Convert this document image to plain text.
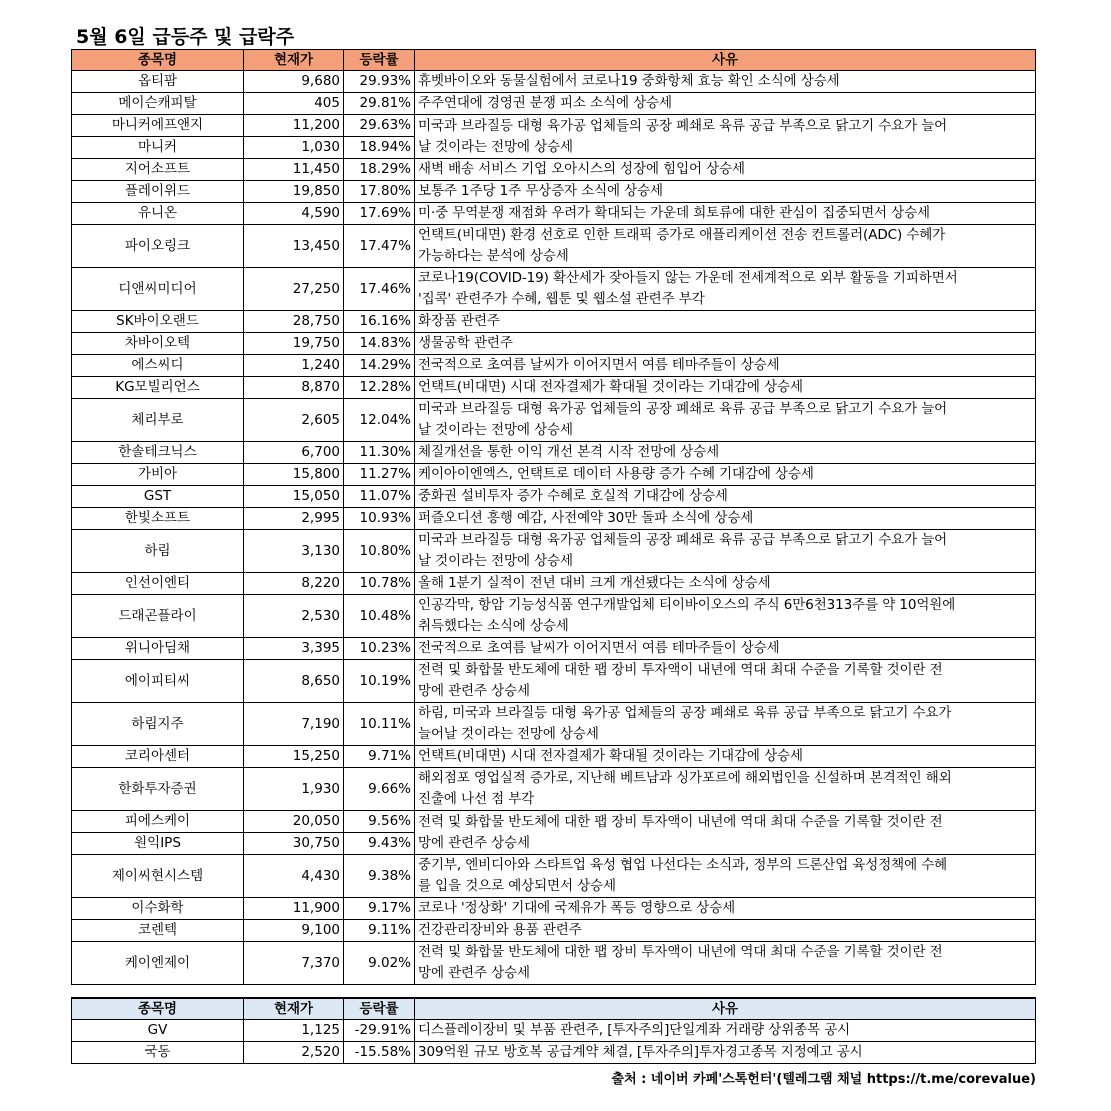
5월 6일 급등주 및 급락주
종목명	현재가	등락률	사유
옵티팜	9,680	29.93%	휴벳바이오와 동물실험에서 코로나19 중화항체 효능 확인 소식에 상승세
메이슨캐피탈	405	29.81%	주주연대에 경영권 분쟁 피소 소식에 상승세
마니커에프앤지	11,200	29.63%	미국과 브라질등 대형 육가공 업체들의 공장 폐쇄로 육류 공급 부족으로 닭고기 수요가 늘어
날 것이라는 전망에 상승세
마니커	1,030	18.94%	
지어소프트	11,450	18.29%	새벽 배송 서비스 기업 오아시스의 성장에 힘입어 상승세
플레이위드	19,850	17.80%	보통주 1주당 1주 무상증자 소식에 상승세
유니온	4,590	17.69%	미·중 무역분쟁 재점화 우려가 확대되는 가운데 희토류에 대한 관심이 집중되면서 상승세
파이오링크	13,450	17.47%	언택트(비대면) 환경 선호로 인한 트래픽 증가로 애플리케이션 전송 컨트롤러(ADC) 수혜가
가능하다는 분석에 상승세
디앤씨미디어	27,250	17.46%	코로나19(COVID-19) 확산세가 잦아들지 않는 가운데 전세계적으로 외부 활동을 기피하면서
'집콕' 관련주가 수혜, 웹툰 및 웹소설 관련주 부각
SK바이오랜드	28,750	16.16%	화장품 관련주
차바이오텍	19,750	14.83%	생물공학 관련주
에스씨디	1,240	14.29%	전국적으로 초여름 날씨가 이어지면서 여름 테마주들이 상승세
KG모빌리언스	8,870	12.28%	언택트(비대면) 시대 전자결제가 확대될 것이라는 기대감에 상승세
체리부로	2,605	12.04%	미국과 브라질등 대형 육가공 업체들의 공장 폐쇄로 육류 공급 부족으로 닭고기 수요가 늘어
날 것이라는 전망에 상승세
한솔테크닉스	6,700	11.30%	체질개선을 통한 이익 개선 본격 시작 전망에 상승세
가비아	15,800	11.27%	케이아이엔엑스, 언택트로 데이터 사용량 증가 수혜 기대감에 상승세
GST	15,050	11.07%	중화권 설비투자 증가 수혜로 호실적 기대감에 상승세
한빛소프트	2,995	10.93%	퍼즐오디션 흥행 예감, 사전예약 30만 돌파 소식에 상승세
하림	3,130	10.80%	미국과 브라질등 대형 육가공 업체들의 공장 폐쇄로 육류 공급 부족으로 닭고기 수요가 늘어
날 것이라는 전망에 상승세
인선이엔티	8,220	10.78%	올해 1분기 실적이 전년 대비 크게 개선됐다는 소식에 상승세
드래곤플라이	2,530	10.48%	인공각막, 항암 기능성식품 연구개발업체 티이바이오스의 주식 6만6천313주를 약 10억원에
취득했다는 소식에 상승세
위니아딤채	3,395	10.23%	전국적으로 초여름 날씨가 이어지면서 여름 테마주들이 상승세
에이피티씨	8,650	10.19%	전력 및 화합물 반도체에 대한 팹 장비 투자액이 내년에 역대 최대 수준을 기록할 것이란 전
망에 관련주 상승세
하림지주	7,190	10.11%	하림, 미국과 브라질등 대형 육가공 업체들의 공장 폐쇄로 육류 공급 부족으로 닭고기 수요가
늘어날 것이라는 전망에 상승세
코리아센터	15,250	9.71%	언택트(비대면) 시대 전자결제가 확대될 것이라는 기대감에 상승세
한화투자증권	1,930	9.66%	해외점포 영업실적 증가로, 지난해 베트남과 싱가포르에 해외법인을 신설하며 본격적인 해외
진출에 나선 점 부각
피에스케이	20,050	9.56%	전력 및 화합물 반도체에 대한 팹 장비 투자액이 내년에 역대 최대 수준을 기록할 것이란 전
망에 관련주 상승세
원익IPS	30,750	9.43%	
제이씨현시스템	4,430	9.38%	중기부, 엔비디아와 스타트업 육성 협업 나선다는 소식과, 정부의 드론산업 육성정책에 수혜
를 입을 것으로 예상되면서 상승세
이수화학	11,900	9.17%	코로나 '정상화' 기대에 국제유가 폭등 영향으로 상승세
코렌텍	9,100	9.11%	건강관리장비와 용품 관련주
케이엔제이	7,370	9.02%	전력 및 화합물 반도체에 대한 팹 장비 투자액이 내년에 역대 최대 수준을 기록할 것이란 전
망에 관련주 상승세
종목명	현재가	등락률	사유
GV	1,125	-29.91%	디스플레이장비 및 부품 관련주, [투자주의]단일계좌 거래량 상위종목 공시
국동	2,520	-15.58%	309억원 규모 방호복 공급계약 체결, [투자주의]투자경고종목 지정예고 공시
출처 : 네이버 카페'스톡헌터'(텔레그램 채널 https://t.me/corevalue)
